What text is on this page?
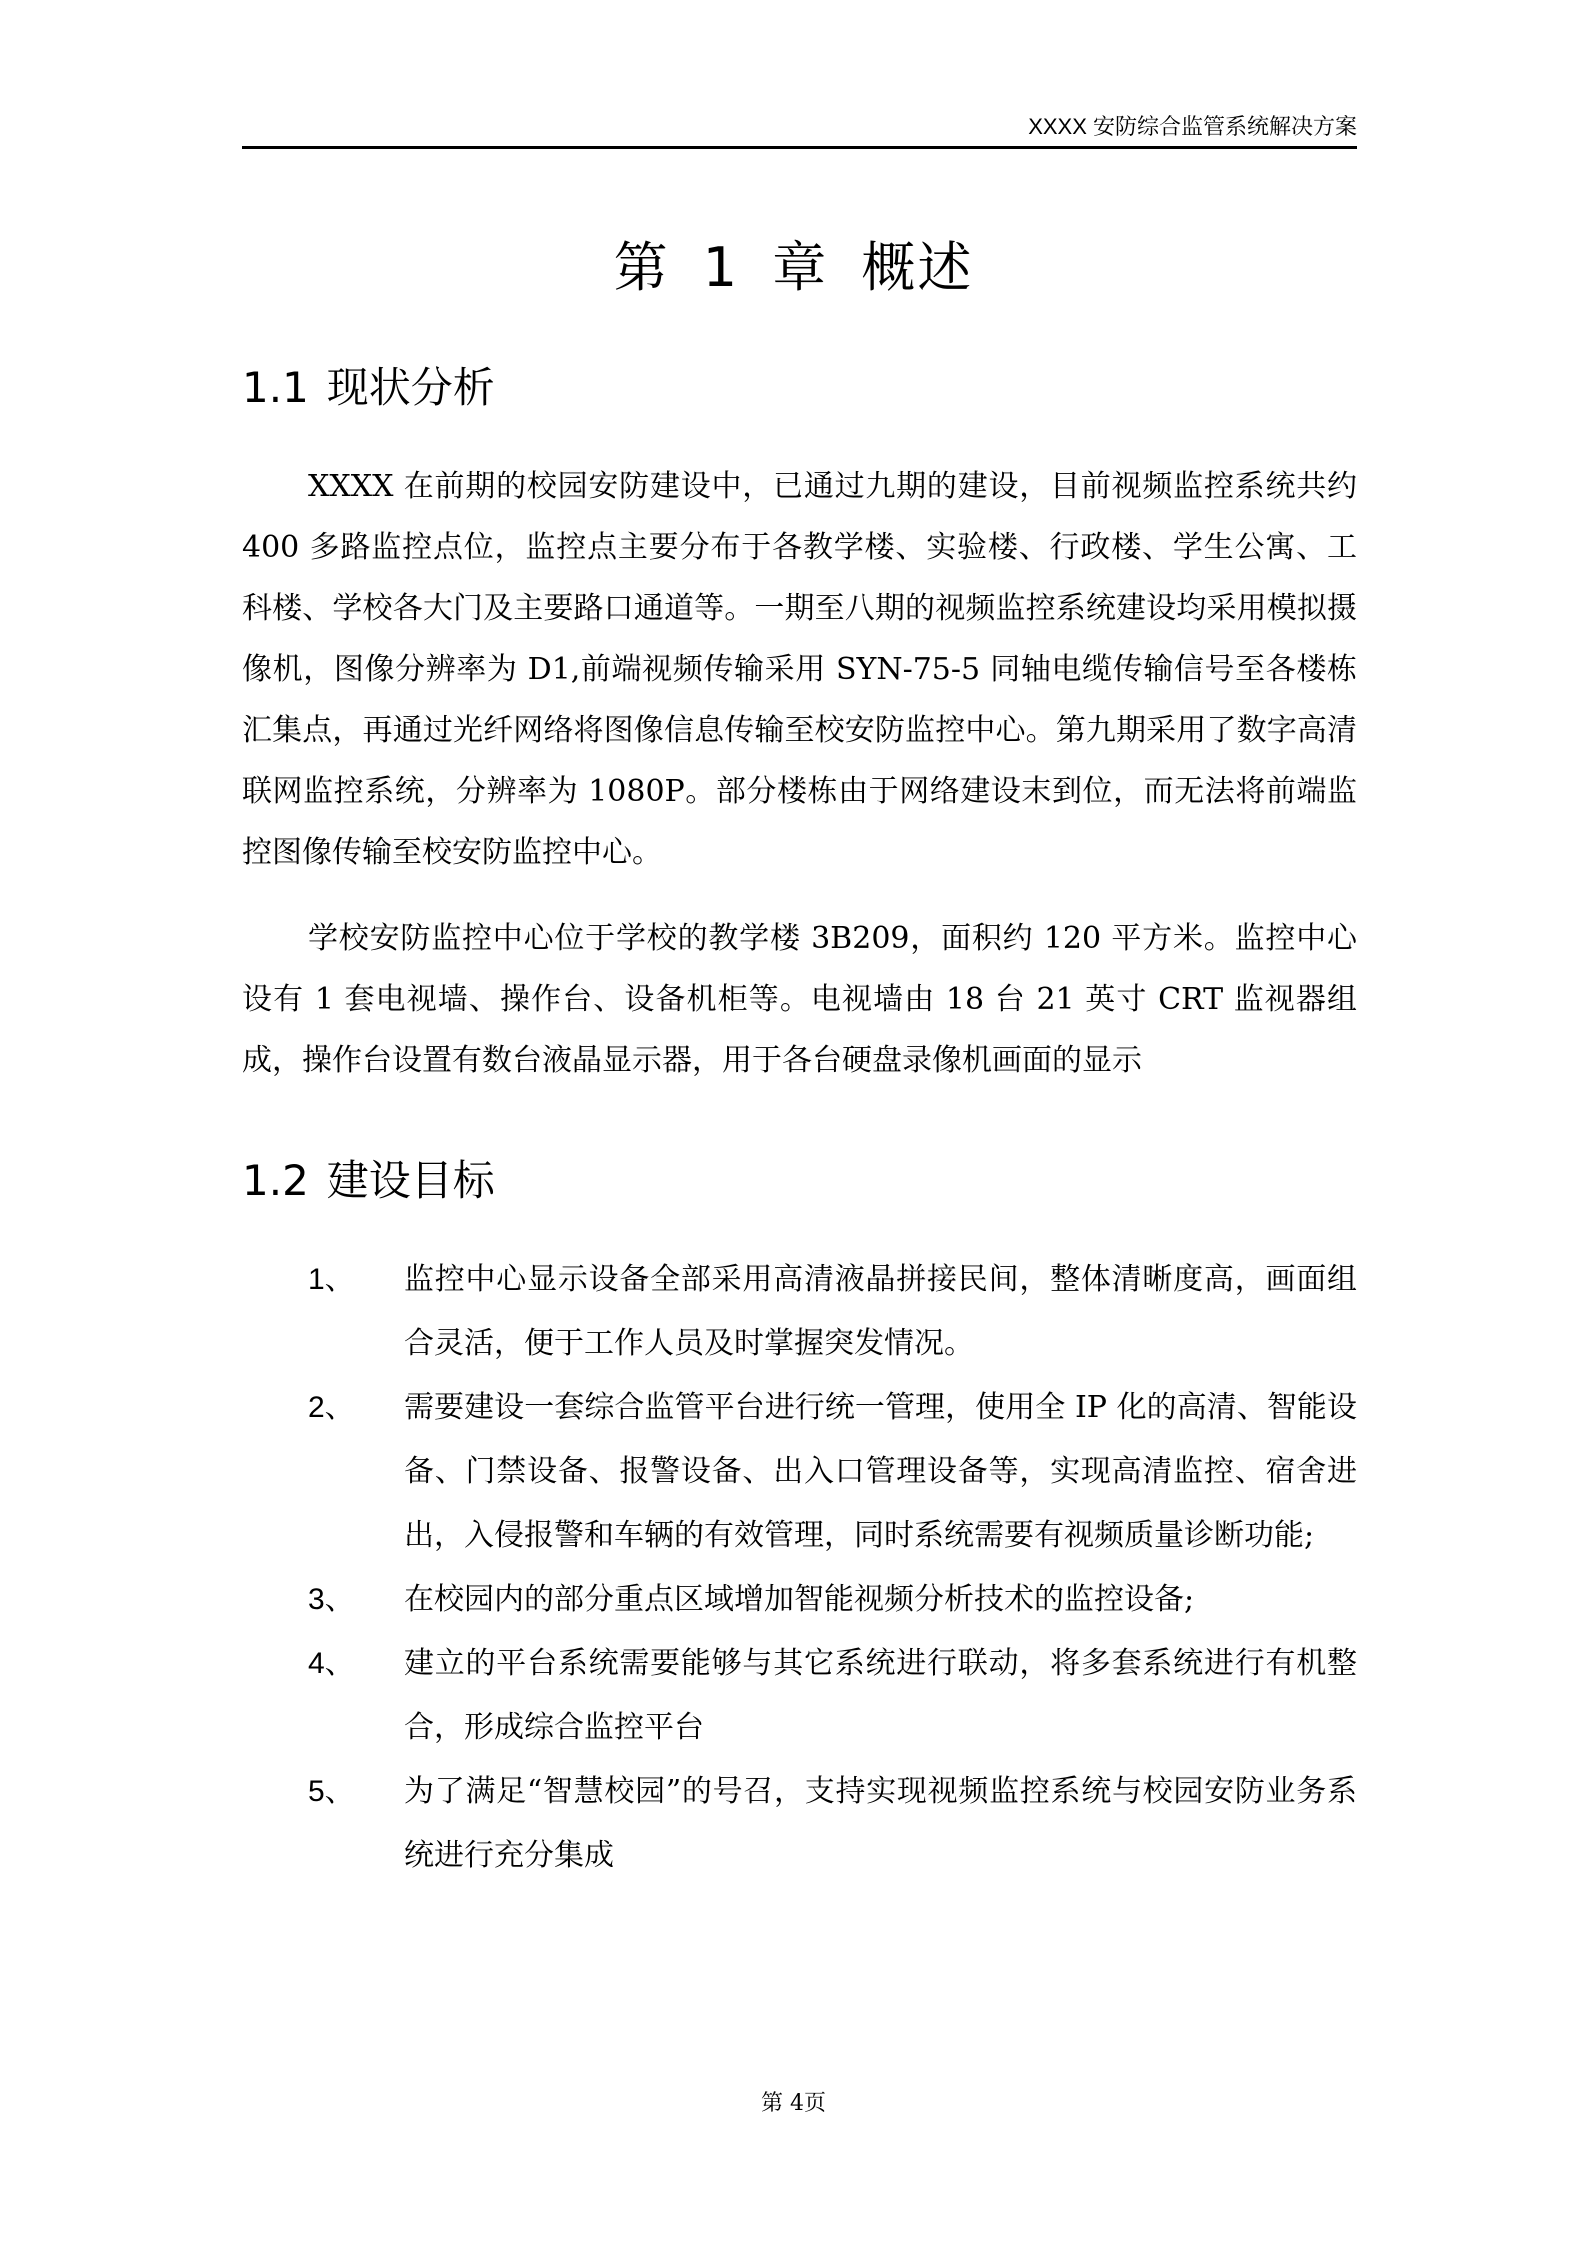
XXXX 安防综合监管系统解决方案
第 1 章 概述
1.1 现状分析
XXXX 在前期的校园安防建设中，已通过九期的建设，目前视频监控系统共约 400 多路监控点位，监控点主要分布于各教学楼、实验楼、行政楼、学生公寓、工科楼、学校各大门及主要路口通道等。一期至八期的视频监控系统建设均采用模拟摄像机，图像分辨率为 D1,前端视频传输采用 SYN-75-5 同轴电缆传输信号至各楼栋汇集点，再通过光纤网络将图像信息传输至校安防监控中心。第九期采用了数字高清联网监控系统，分辨率为 1080P。部分楼栋由于网络建设末到位，而无法将前端监控图像传输至校安防监控中心。
学校安防监控中心位于学校的教学楼 3B209，面积约 120 平方米。监控中心设有 1 套电视墙、操作台、设备机柜等。电视墙由 18 台 21 英寸 CRT 监视器组成，操作台设置有数台液晶显示器，用于各台硬盘录像机画面的显示
1.2 建设目标
1、 监控中心显示设备全部采用高清液晶拼接民间，整体清晰度高，画面组合灵活，便于工作人员及时掌握突发情况。
2、 需要建设一套综合监管平台进行统一管理，使用全 IP 化的高清、智能设备、门禁设备、报警设备、出入口管理设备等，实现高清监控、宿舍进出，入侵报警和车辆的有效管理，同时系统需要有视频质量诊断功能;
3、 在校园内的部分重点区域增加智能视频分析技术的监控设备;
4、 建立的平台系统需要能够与其它系统进行联动，将多套系统进行有机整合，形成综合监控平台
5、 为了满足“智慧校园”的号召，支持实现视频监控系统与校园安防业务系统进行充分集成
第 4页
